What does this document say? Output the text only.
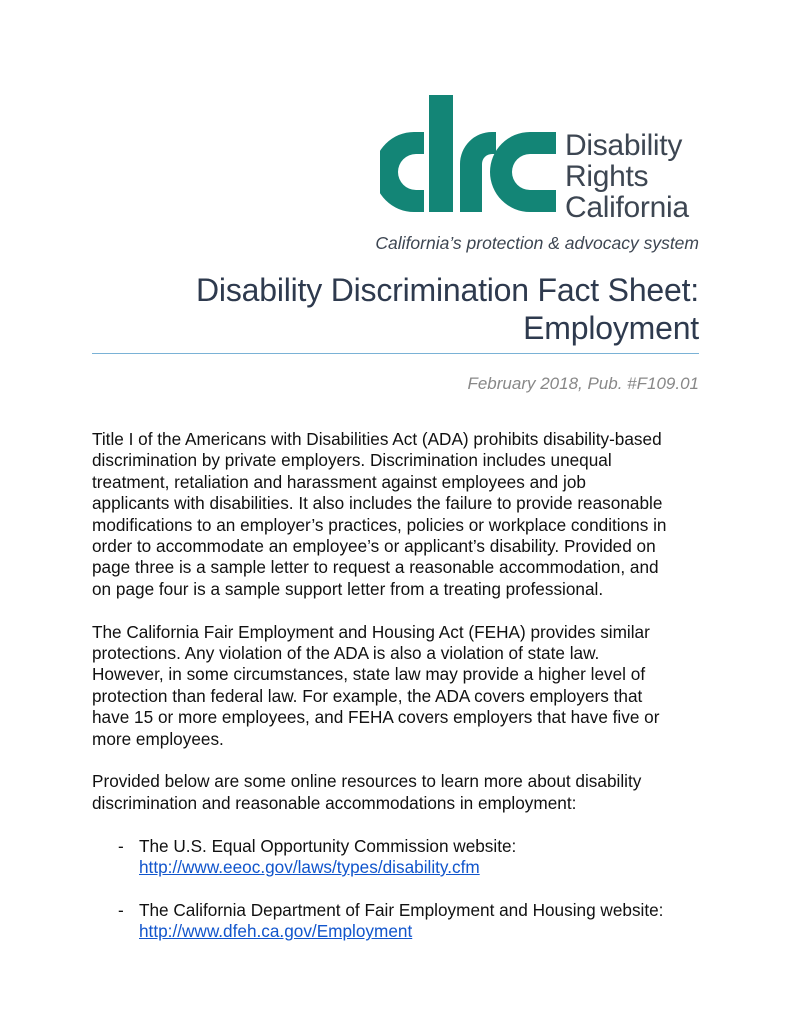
Disability
Rights
California
California’s protection & advocacy system
Disability Discrimination Fact Sheet:
Employment
February 2018, Pub. #F109.01

Title I of the Americans with Disabilities Act (ADA) prohibits disability-based
discrimination by private employers. Discrimination includes unequal
treatment, retaliation and harassment against employees and job
applicants with disabilities. It also includes the failure to provide reasonable
modifications to an employer’s practices, policies or workplace conditions in
order to accommodate an employee’s or applicant’s disability. Provided on
page three is a sample letter to request a reasonable accommodation, and
on page four is a sample support letter from a treating professional.

The California Fair Employment and Housing Act (FEHA) provides similar
protections. Any violation of the ADA is also a violation of state law.
However, in some circumstances, state law may provide a higher level of
protection than federal law. For example, the ADA covers employers that
have 15 or more employees, and FEHA covers employers that have five or
more employees.

Provided below are some online resources to learn more about disability
discrimination and reasonable accommodations in employment:

- The U.S. Equal Opportunity Commission website:
http://www.eeoc.gov/laws/types/disability.cfm
- The California Department of Fair Employment and Housing website:
http://www.dfeh.ca.gov/Employment
